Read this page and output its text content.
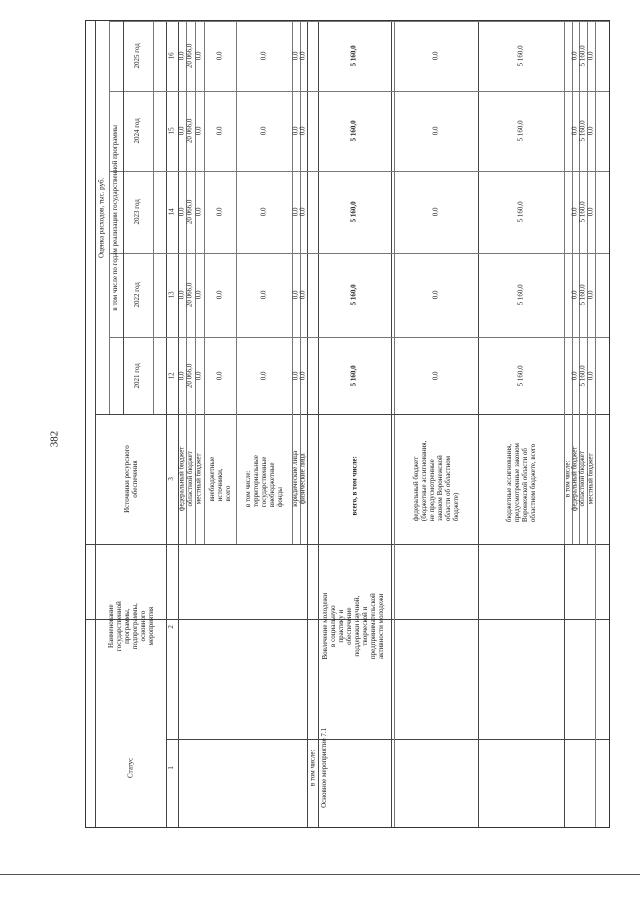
382
Оценка расходов, тыс. руб. в том числе по годам реализации государственной программы
2021 год
2022 год
2023 год
2024 год
2025 год
Статус
Наименование государственной программы, подпрограммы, основного мероприятия
Источники ресурсного обеспечения
1
2
3
12
13
14
15
16
федеральный бюджет
0,0
0,0
0,0
0,0
0,0
областной бюджет
20 066,0
20 066,0
20 066,0
20 066,0
20 066,0
местный бюджет
0,0
0,0
0,0
0,0
0,0
внебюджетные источники, всего
0,0
0,0
0,0
0,0
0,0
в том числе: территориальные государственные внебюджетные фонды
0,0
0,0
0,0
0,0
0,0
юридические лица
0,0
0,0
0,0
0,0
0,0
физические лица
0,0
0,0
0,0
0,0
0,0
в том числе: Основное мероприятие 7.1
Вовлечение молодежи в социальную практику и обеспечение поддержки научной, творческой и предпринимательской активности молодежи
всего, в том числе:
5 160,0
5 160,0
5 160,0
5 160,0
5 160,0
федеральный бюджет (бюджетные ассигнования, не предусмотренные законом Воронежской области об областном бюджете)
0,0
0,0
0,0
0,0
0,0
бюджетные ассигнования, предусмотренные законом Воронежской области об областном бюджете, всего
5 160,0
5 160,0
5 160,0
5 160,0
5 160,0
в том числе: федеральный бюджет
0,0
0,0
0,0
0,0
0,0
областной бюджет
5 160,0
5 160,0
5 160,0
5 160,0
5 160,0
местный бюджет
0,0
0,0
0,0
0,0
0,0
